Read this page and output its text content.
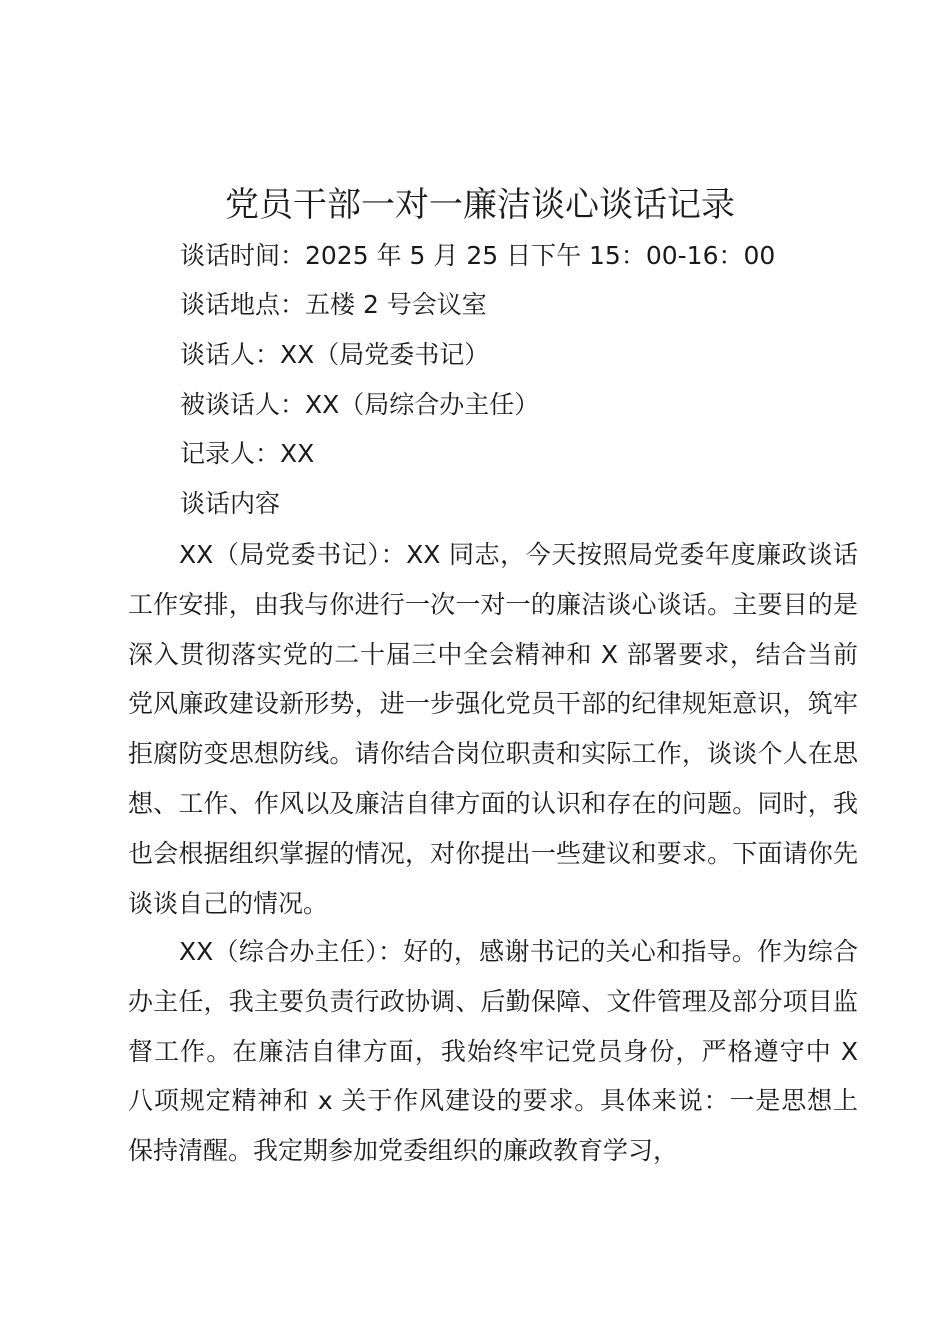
党员干部一对一廉洁谈心谈话记录
谈话时间：2025 年 5 月 25 日下午 15：00-16：00
谈话地点：五楼 2 号会议室
谈话人：XX（局党委书记）
被谈话人：XX（局综合办主任）
记录人：XX
谈话内容

XX（局党委书记）：XX 同志，今天按照局党委年度廉政谈话工作安排，由我与你进行一次一对一的廉洁谈心谈话。主要目的是深入贯彻落实党的二十届三中全会精神和 X 部署要求，结合当前党风廉政建设新形势，进一步强化党员干部的纪律规矩意识，筑牢拒腐防变思想防线。请你结合岗位职责和实际工作，谈谈个人在思想、工作、作风以及廉洁自律方面的认识和存在的问题。同时，我也会根据组织掌握的情况，对你提出一些建议和要求。下面请你先谈谈自己的情况。

XX（综合办主任）：好的，感谢书记的关心和指导。作为综合办主任，我主要负责行政协调、后勤保障、文件管理及部分项目监督工作。在廉洁自律方面，我始终牢记党员身份，严格遵守中 X 八项规定精神和 x 关于作风建设的要求。具体来说：一是思想上保持清醒。我定期参加党委组织的廉政教育学习，
